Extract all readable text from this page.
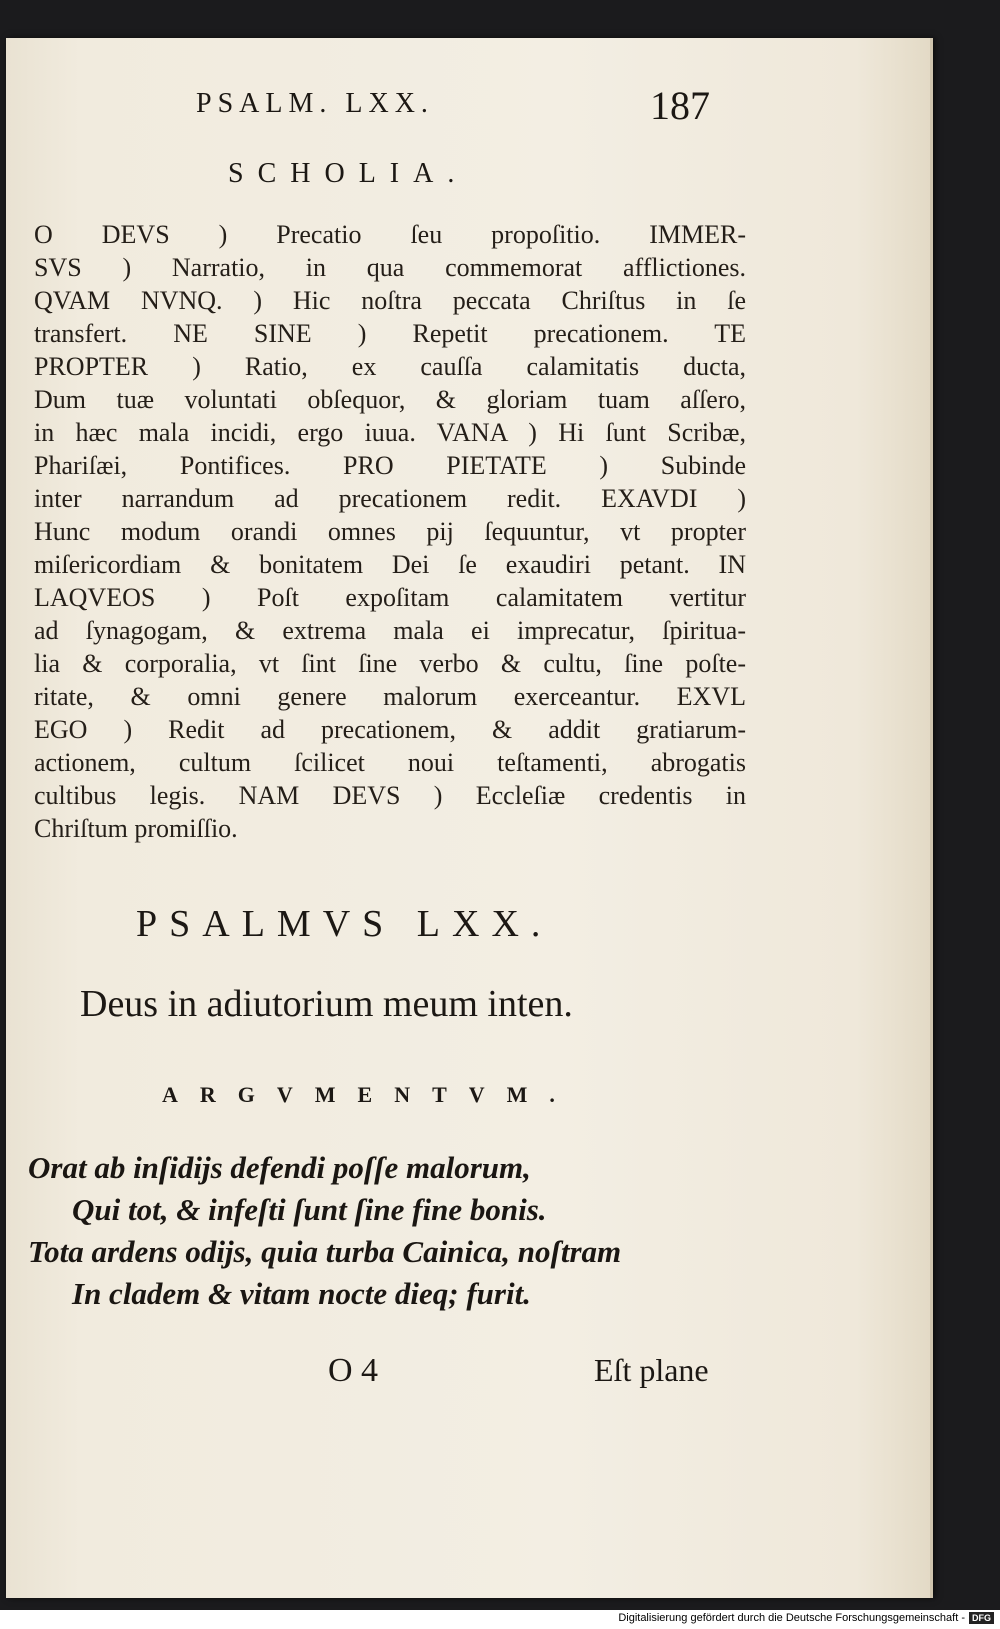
PSALM. LXX.	187
SCHOLIA.
O DEVS ) Precatio ſeu propoſitio. IMMER-
SVS ) Narratio, in qua commemorat afflictiones.
QVAM NVNQ. ) Hic noſtra peccata Chriſtus in ſe
transfert. NE SINE ) Repetit precationem. TE
PROPTER ) Ratio, ex cauſſa calamitatis ducta,
Dum tuæ voluntati obſequor, & gloriam tuam aſſero,
in hæc mala incidi, ergo iuua. VANA ) Hi ſunt Scribæ,
Phariſæi, Pontifices. PRO PIETATE ) Subinde
inter narrandum ad precationem redit. EXAVDI )
Hunc modum orandi omnes pij ſequuntur, vt propter
miſericordiam & bonitatem Dei ſe exaudiri petant. IN
LAQVEOS ) Poſt expoſitam calamitatem vertitur
ad ſynagogam, & extrema mala ei imprecatur, ſpiritua-
lia & corporalia, vt ſint ſine verbo & cultu, ſine poſte-
ritate, & omni genere malorum exerceantur. EXVL
EGO ) Redit ad precationem, & addit gratiarum-
actionem, cultum ſcilicet noui teſtamenti, abrogatis
cultibus legis. NAM DEVS ) Eccleſiæ credentis in
Chriſtum promiſſio.
PSALMVS LXX.
Deus in adiutorium meum inten.
ARGVMENTVM.
Orat ab inſidijs defendi poſſe malorum,
Qui tot, & infeſti ſunt ſine fine bonis.
Tota ardens odijs, quia turba Cainica, noſtram
In cladem & vitam nocte dieq; furit.
O 4	Eſt plane
Digitalisierung gefördert durch die Deutsche Forschungsgemeinschaft - DFG
